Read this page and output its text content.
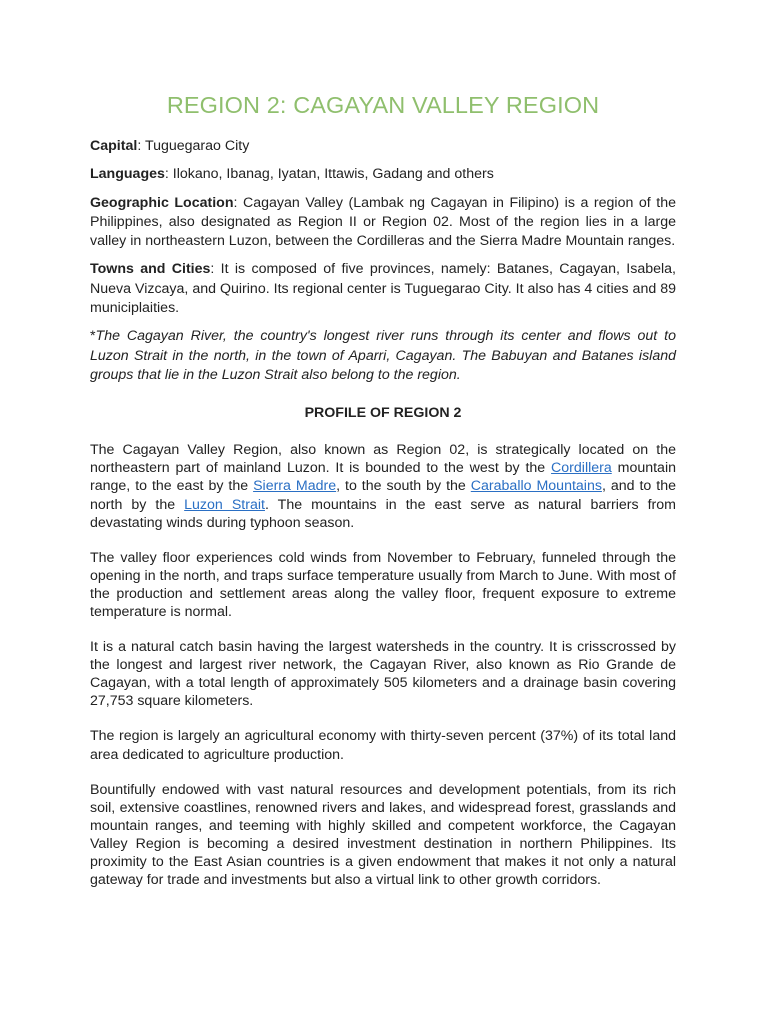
REGION 2: CAGAYAN VALLEY REGION

Capital: Tuguegarao City

Languages: Ilokano, Ibanag, Iyatan, Ittawis, Gadang and others

Geographic Location: Cagayan Valley (Lambak ng Cagayan in Filipino) is a region of the Philippines, also designated as Region II or Region 02. Most of the region lies in a large valley in northeastern Luzon, between the Cordilleras and the Sierra Madre Mountain ranges.

Towns and Cities: It is composed of five provinces, namely: Batanes, Cagayan, Isabela, Nueva Vizcaya, and Quirino. Its regional center is Tuguegarao City. It also has 4 cities and 89 municiplaities.

*The Cagayan River, the country's longest river runs through its center and flows out to Luzon Strait in the north, in the town of Aparri, Cagayan. The Babuyan and Batanes island groups that lie in the Luzon Strait also belong to the region.

PROFILE OF REGION 2

The Cagayan Valley Region, also known as Region 02, is strategically located on the northeastern part of mainland Luzon. It is bounded to the west by the Cordillera mountain range, to the east by the Sierra Madre, to the south by the Caraballo Mountains, and to the north by the Luzon Strait. The mountains in the east serve as natural barriers from devastating winds during typhoon season.

The valley floor experiences cold winds from November to February, funneled through the opening in the north, and traps surface temperature usually from March to June. With most of the production and settlement areas along the valley floor, frequent exposure to extreme temperature is normal.

It is a natural catch basin having the largest watersheds in the country. It is crisscrossed by the longest and largest river network, the Cagayan River, also known as Rio Grande de Cagayan, with a total length of approximately 505 kilometers and a drainage basin covering 27,753 square kilometers.

The region is largely an agricultural economy with thirty-seven percent (37%) of its total land area dedicated to agriculture production.

Bountifully endowed with vast natural resources and development potentials, from its rich soil, extensive coastlines, renowned rivers and lakes, and widespread forest, grasslands and mountain ranges, and teeming with highly skilled and competent workforce, the Cagayan Valley Region is becoming a desired investment destination in northern Philippines. Its proximity to the East Asian countries is a given endowment that makes it not only a natural gateway for trade and investments but also a virtual link to other growth corridors.
